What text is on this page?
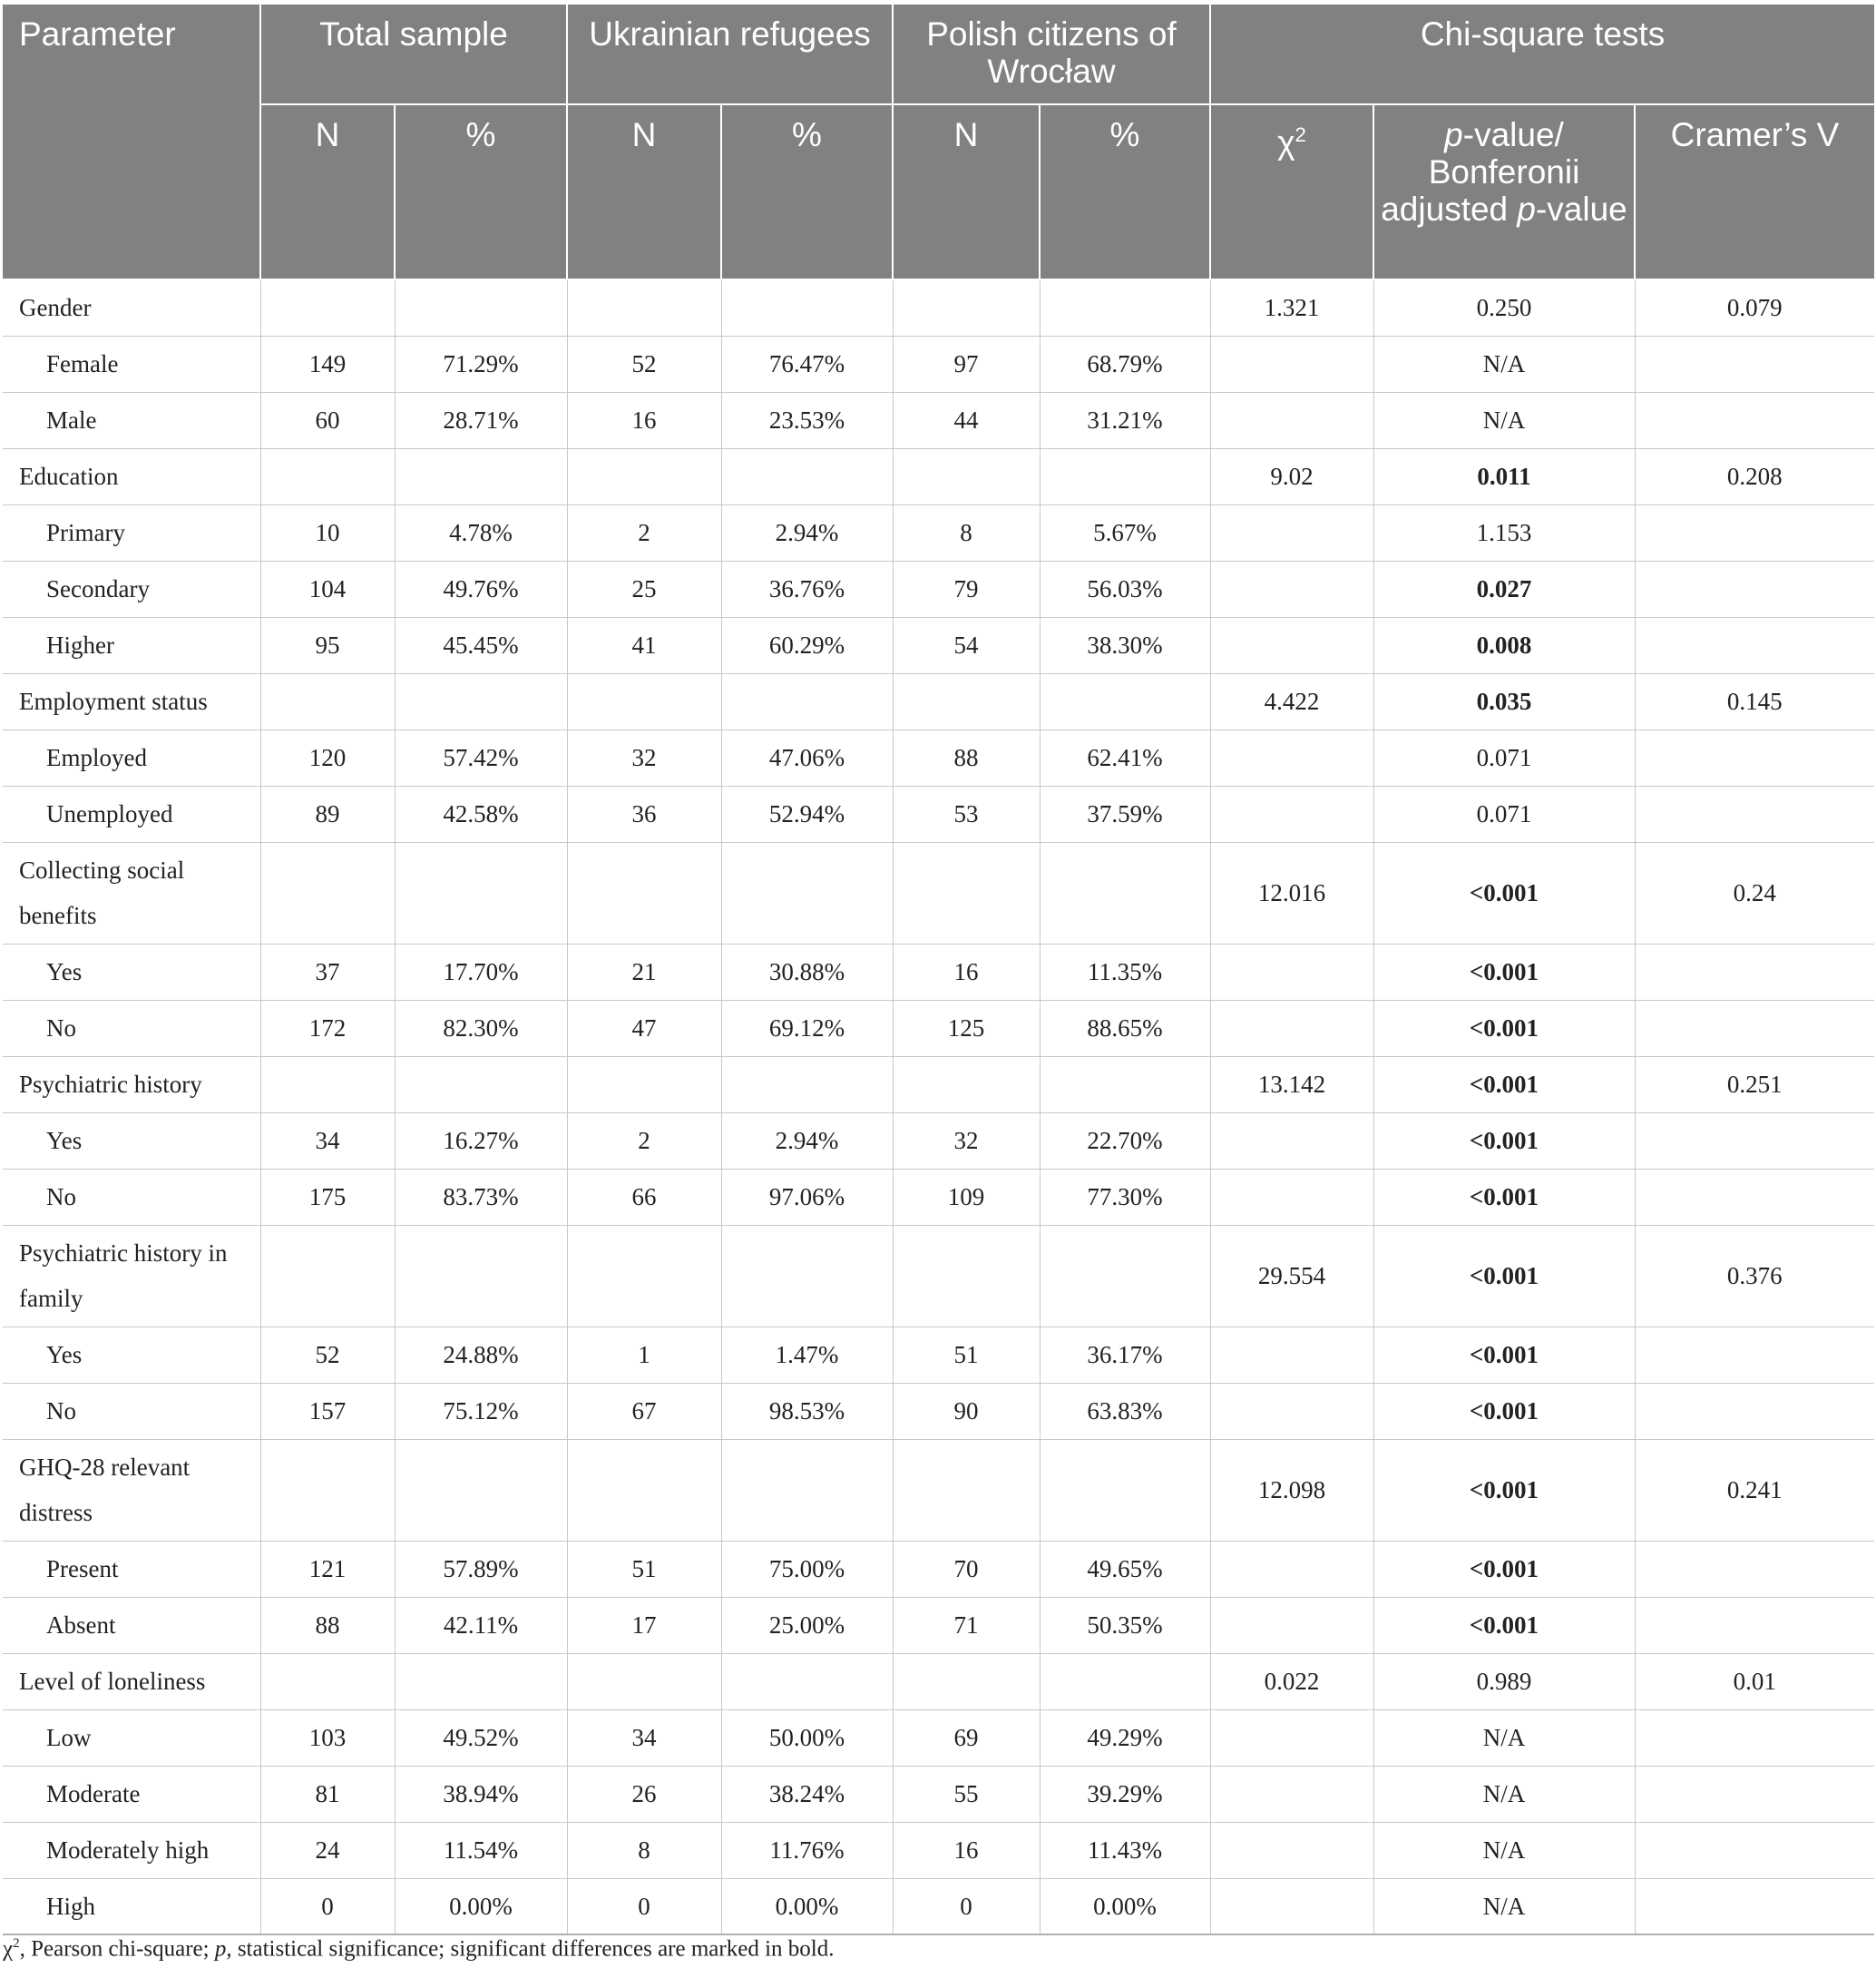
Parameter	Total sample		Ukrainian refugees		Polish citizens of Wrocław		Chi-square tests		
	N	%	N	%	N	%	$\chi^2$	p-value/ Bonferonii adjusted p-value	Cramer’s V
Gender							1.321	0.250	0.079
Female	149	71.29%	52	76.47%	97	68.79%		N/A	
Male	60	28.71%	16	23.53%	44	31.21%		N/A	
Education							9.02	0.011	0.208
Primary	10	4.78%	2	2.94%	8	5.67%		1.153	
Secondary	104	49.76%	25	36.76%	79	56.03%		0.027	
Higher	95	45.45%	41	60.29%	54	38.30%		0.008	
Employment status							4.422	0.035	0.145
Employed	120	57.42%	32	47.06%	88	62.41%		0.071	
Unemployed	89	42.58%	36	52.94%	53	37.59%		0.071	
Collecting social benefits							12.016	<0.001	0.24
Yes	37	17.70%	21	30.88%	16	11.35%		<0.001	
No	172	82.30%	47	69.12%	125	88.65%		<0.001	
Psychiatric history							13.142	<0.001	0.251
Yes	34	16.27%	2	2.94%	32	22.70%		<0.001	
No	175	83.73%	66	97.06%	109	77.30%		<0.001	
Psychiatric history in family							29.554	<0.001	0.376
Yes	52	24.88%	1	1.47%	51	36.17%		<0.001	
No	157	75.12%	67	98.53%	90	63.83%		<0.001	
GHQ-28 relevant distress							12.098	<0.001	0.241
Present	121	57.89%	51	75.00%	70	49.65%		<0.001	
Absent	88	42.11%	17	25.00%	71	50.35%		<0.001	
Level of loneliness							0.022	0.989	0.01
Low	103	49.52%	34	50.00%	69	49.29%		N/A	
Moderate	81	38.94%	26	38.24%	55	39.29%		N/A	
Moderately high	24	11.54%	8	11.76%	16	11.43%		N/A	
High	0	0.00%	0	0.00%	0	0.00%		N/A	
$\chi^2$, Pearson chi-square; p, statistical significance; significant differences are marked in bold.
